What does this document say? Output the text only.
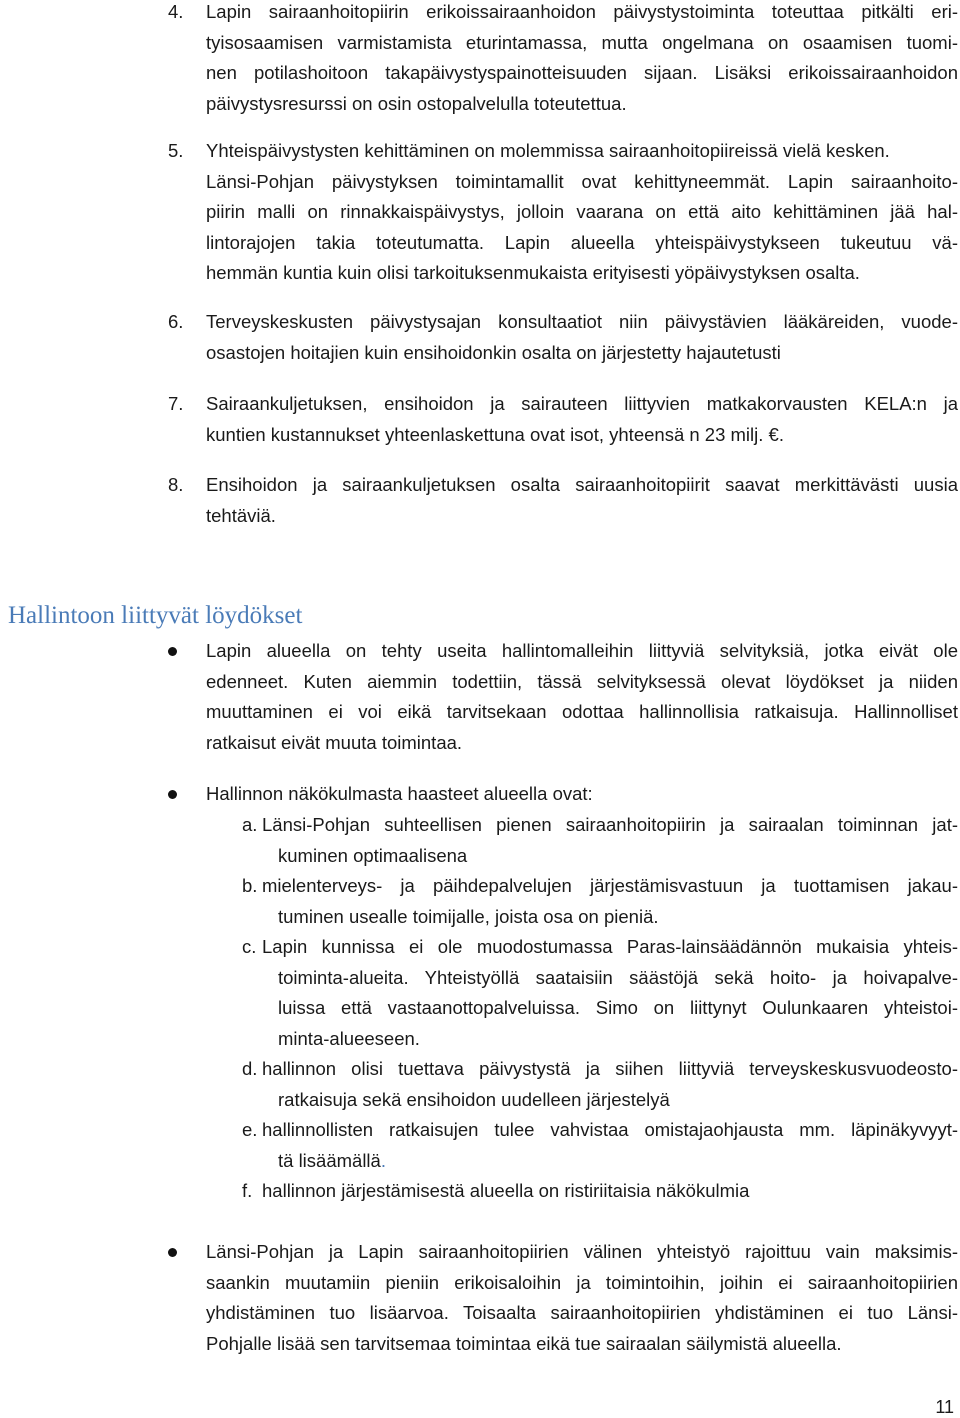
4. Lapin sairaanhoitopiirin erikoissairaanhoidon päivystystoiminta toteuttaa pitkälti eri-
tyisosaamisen varmistamista eturintamassa, mutta ongelmana on osaamisen tuomi-
nen potilashoitoon takapäivystyspainotteisuuden sijaan. Lisäksi erikoissairaanhoidon
päivystysresurssi on osin ostopalvelulla toteutettua.
5. Yhteispäivystysten kehittäminen on molemmissa sairaanhoitopiireissä vielä kesken.
Länsi-Pohjan päivystyksen toimintamallit ovat kehittyneemmät. Lapin sairaanhoito-
piirin malli on rinnakkaispäivystys, jolloin vaarana on että aito kehittäminen jää hal-
lintorajojen takia toteutumatta. Lapin alueella yhteispäivystykseen tukeutuu vä-
hemmän kuntia kuin olisi tarkoituksenmukaista erityisesti yöpäivystyksen osalta.
6. Terveyskeskusten päivystysajan konsultaatiot niin päivystävien lääkäreiden, vuode-
osastojen hoitajien kuin ensihoidonkin osalta on järjestetty hajautetusti
7. Sairaankuljetuksen, ensihoidon ja sairauteen liittyvien matkakorvausten KELA:n ja
kuntien kustannukset yhteenlaskettuna ovat isot, yhteensä n 23 milj. €.
8. Ensihoidon ja sairaankuljetuksen osalta sairaanhoitopiirit saavat merkittävästi uusia
tehtäviä.
Hallintoon liittyvät löydökset
Lapin alueella on tehty useita hallintomalleihin liittyviä selvityksiä, jotka eivät ole
edenneet. Kuten aiemmin todettiin, tässä selvityksessä olevat löydökset ja niiden
muuttaminen ei voi eikä tarvitsekaan odottaa hallinnollisia ratkaisuja. Hallinnolliset
ratkaisut eivät muuta toimintaa.
Hallinnon näkökulmasta haasteet alueella ovat:
a. Länsi-Pohjan suhteellisen pienen sairaanhoitopiirin ja sairaalan toiminnan jat-
kuminen optimaalisena
b. mielenterveys- ja päihdepalvelujen järjestämisvastuun ja tuottamisen jakau-
tuminen usealle toimijalle, joista osa on pieniä.
c. Lapin kunnissa ei ole muodostumassa Paras-lainsäädännön mukaisia yhteis-
toiminta-alueita. Yhteistyöllä saataisiin säästöjä sekä hoito- ja hoivapalve-
luissa että vastaanottopalveluissa. Simo on liittynyt Oulunkaaren yhteistoi-
minta-alueeseen.
d. hallinnon olisi tuettava päivystystä ja siihen liittyviä terveyskeskusvuodeosto-
ratkaisuja sekä ensihoidon uudelleen järjestelyä
e. hallinnollisten ratkaisujen tulee vahvistaa omistajaohjausta mm. läpinäkyvyyt-
tä lisäämällä.
f. hallinnon järjestämisestä alueella on ristiriitaisia näkökulmia
Länsi-Pohjan ja Lapin sairaanhoitopiirien välinen yhteistyö rajoittuu vain maksimis-
saankin muutamiin pieniin erikoisaloihin ja toimintoihin, joihin ei sairaanhoitopiirien
yhdistäminen tuo lisäarvoa. Toisaalta sairaanhoitopiirien yhdistäminen ei tuo Länsi-
Pohjalle lisää sen tarvitsemaa toimintaa eikä tue sairaalan säilymistä alueella.
11
